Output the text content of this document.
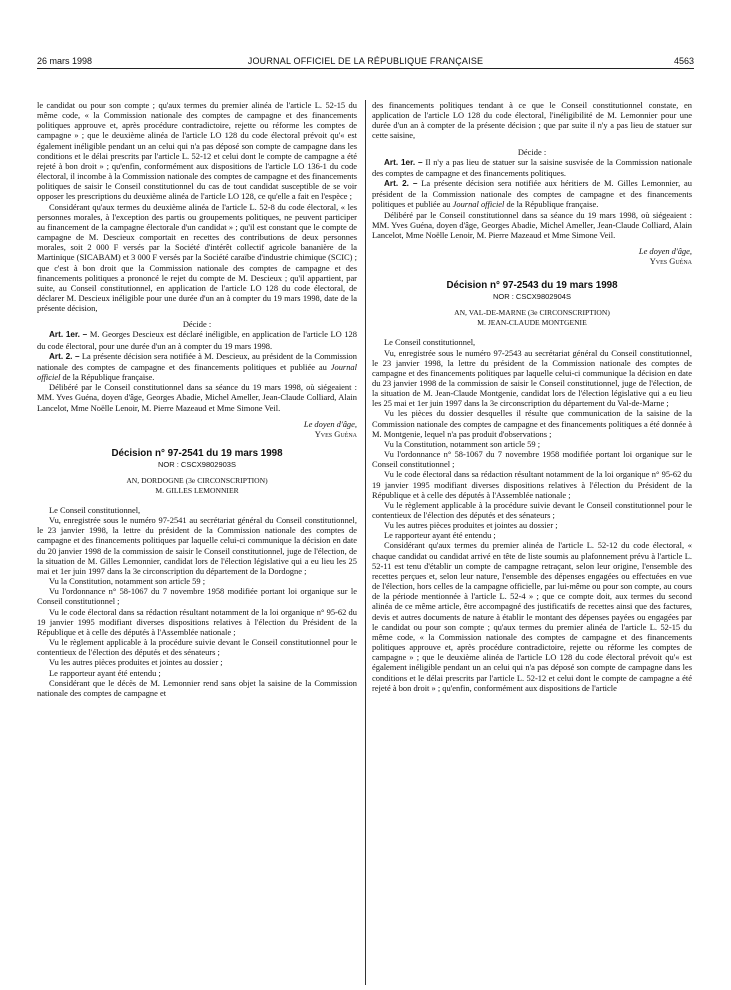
26 mars 1998	JOURNAL OFFICIEL DE LA RÉPUBLIQUE FRANÇAISE	4563

le candidat ou pour son compte ; qu'aux termes du premier alinéa de l'article L. 52-15 du même code, « la Commission nationale des comptes de campagne et des financements politiques approuve et, après procédure contradictoire, rejette ou réforme les comptes de campagne » ; que le deuxième alinéa de l'article LO 128 du code électoral prévoit qu'« est également inéligible pendant un an celui qui n'a pas déposé son compte de campagne dans les conditions et le délai prescrits par l'article L. 52-12 et celui dont le compte de campagne a été rejeté à bon droit » ; qu'enfin, conformément aux dispositions de l'article LO 136-1 du code électoral, il incombe à la Commission nationale des comptes de campagne et des financements politiques de saisir le Conseil constitutionnel du cas de tout candidat susceptible de se voir opposer les prescriptions du deuxième alinéa de l'article LO 128, ce qu'elle a fait en l'espèce ;

Considérant qu'aux termes du deuxième alinéa de l'article L. 52-8 du code électoral, « les personnes morales, à l'exception des partis ou groupements politiques, ne peuvent participer au financement de la campagne électorale d'un candidat » ; qu'il est constant que le compte de campagne de M. Descieux comportait en recettes des contributions de deux personnes morales, soit 2 000 F versés par la Société d'intérêt collectif agricole bananière de la Martinique (SICABAM) et 3 000 F versés par la Société caraïbe d'industrie chimique (SCIC) ; que c'est à bon droit que la Commission nationale des comptes de campagne et des financements politiques a prononcé le rejet du compte de M. Descieux ; qu'il appartient, par suite, au Conseil constitutionnel, en application de l'article LO 128 du code électoral, de déclarer M. Descieux inéligible pour une durée d'un an à compter du 19 mars 1998, date de la présente décision,

Décide :

Art. 1er. – M. Georges Descieux est déclaré inéligible, en application de l'article LO 128 du code électoral, pour une durée d'un an à compter du 19 mars 1998.

Art. 2. – La présente décision sera notifiée à M. Descieux, au président de la Commission nationale des comptes de campagne et des financements politiques et publiée au Journal officiel de la République française.

Délibéré par le Conseil constitutionnel dans sa séance du 19 mars 1998, où siégeaient : MM. Yves Guéna, doyen d'âge, Georges Abadie, Michel Ameller, Jean-Claude Colliard, Alain Lancelot, Mme Noëlle Lenoir, M. Pierre Mazeaud et Mme Simone Veil.

Le doyen d'âge,

Yves Guéna

Décision n° 97-2541 du 19 mars 1998

NOR : CSCX9802903S

AN, DORDOGNE (3e CIRCONSCRIPTION)

M. GILLES LEMONNIER

Le Conseil constitutionnel,

Vu, enregistrée sous le numéro 97-2541 au secrétariat général du Conseil constitutionnel, le 23 janvier 1998, la lettre du président de la Commission nationale des comptes de campagne et des financements politiques par laquelle celui-ci communique la décision en date du 20 janvier 1998 de la commission de saisir le Conseil constitutionnel, juge de l'élection, de la situation de M. Gilles Lemonnier, candidat lors de l'élection législative qui a eu lieu les 25 mai et 1er juin 1997 dans la 3e circonscription du département de la Dordogne ;

Vu la Constitution, notamment son article 59 ;

Vu l'ordonnance n° 58-1067 du 7 novembre 1958 modifiée portant loi organique sur le Conseil constitutionnel ;

Vu le code électoral dans sa rédaction résultant notamment de la loi organique n° 95-62 du 19 janvier 1995 modifiant diverses dispositions relatives à l'élection du Président de la République et à celle des députés à l'Assemblée nationale ;

Vu le règlement applicable à la procédure suivie devant le Conseil constitutionnel pour le contentieux de l'élection des députés et des sénateurs ;

Vu les autres pièces produites et jointes au dossier ;

Le rapporteur ayant été entendu ;

Considérant que le décès de M. Lemonnier rend sans objet la saisine de la Commission nationale des comptes de campagne et

des financements politiques tendant à ce que le Conseil constitutionnel constate, en application de l'article LO 128 du code électoral, l'inéligibilité de M. Lemonnier pour une durée d'un an à compter de la présente décision ; que par suite il n'y a pas lieu de statuer sur cette saisine,

Décide :

Art. 1er. – Il n'y a pas lieu de statuer sur la saisine susvisée de la Commission nationale des comptes de campagne et des financements politiques.

Art. 2. – La présente décision sera notifiée aux héritiers de M. Gilles Lemonnier, au président de la Commission nationale des comptes de campagne et des financements politiques et publiée au Journal officiel de la République française.

Délibéré par le Conseil constitutionnel dans sa séance du 19 mars 1998, où siégeaient : MM. Yves Guéna, doyen d'âge, Georges Abadie, Michel Ameller, Jean-Claude Colliard, Alain Lancelot, Mme Noëlle Lenoir, M. Pierre Mazeaud et Mme Simone Veil.

Le doyen d'âge,

Yves Guéna

Décision n° 97-2543 du 19 mars 1998

NOR : CSCX9802904S

AN, VAL-DE-MARNE (3e CIRCONSCRIPTION)

M. JEAN-CLAUDE MONTGENIE

Le Conseil constitutionnel,

Vu, enregistrée sous le numéro 97-2543 au secrétariat général du Conseil constitutionnel, le 23 janvier 1998, la lettre du président de la Commission nationale des comptes de campagne et des financements politiques par laquelle celui-ci communique la décision en date du 23 janvier 1998 de la commission de saisir le Conseil constitutionnel, juge de l'élection, de la situation de M. Jean-Claude Montgenie, candidat lors de l'élection législative qui a eu lieu les 25 mai et 1er juin 1997 dans la 3e circonscription du département du Val-de-Marne ;

Vu les pièces du dossier desquelles il résulte que communication de la saisine de la Commission nationale des comptes de campagne et des financements politiques a été donnée à M. Montgenie, lequel n'a pas produit d'observations ;

Vu la Constitution, notamment son article 59 ;

Vu l'ordonnance n° 58-1067 du 7 novembre 1958 modifiée portant loi organique sur le Conseil constitutionnel ;

Vu le code électoral dans sa rédaction résultant notamment de la loi organique n° 95-62 du 19 janvier 1995 modifiant diverses dispositions relatives à l'élection du Président de la République et à celle des députés à l'Assemblée nationale ;

Vu le règlement applicable à la procédure suivie devant le Conseil constitutionnel pour le contentieux de l'élection des députés et des sénateurs ;

Vu les autres pièces produites et jointes au dossier ;

Le rapporteur ayant été entendu ;

Considérant qu'aux termes du premier alinéa de l'article L. 52-12 du code électoral, « chaque candidat ou candidat arrivé en tête de liste soumis au plafonnement prévu à l'article L. 52-11 est tenu d'établir un compte de campagne retraçant, selon leur origine, l'ensemble des recettes perçues et, selon leur nature, l'ensemble des dépenses engagées ou effectuées en vue de l'élection, hors celles de la campagne officielle, par lui-même ou pour son compte, au cours de la période mentionnée à l'article L. 52-4 » ; que ce compte doit, aux termes du second alinéa de ce même article, être accompagné des justificatifs de recettes ainsi que des factures, devis et autres documents de nature à établir le montant des dépenses payées ou engagées par le candidat ou pour son compte ; qu'aux termes du premier alinéa de l'article L. 52-15 du même code, « la Commission nationale des comptes de campagne et des financements politiques approuve et, après procédure contradictoire, rejette ou réforme les comptes de campagne » ; que le deuxième alinéa de l'article LO 128 du code électoral prévoit qu'« est également inéligible pendant un an celui qui n'a pas déposé son compte de campagne dans les conditions et le délai prescrits par l'article L. 52-12 et celui dont le compte de campagne a été rejeté à bon droit » ; qu'enfin, conformément aux dispositions de l'article
